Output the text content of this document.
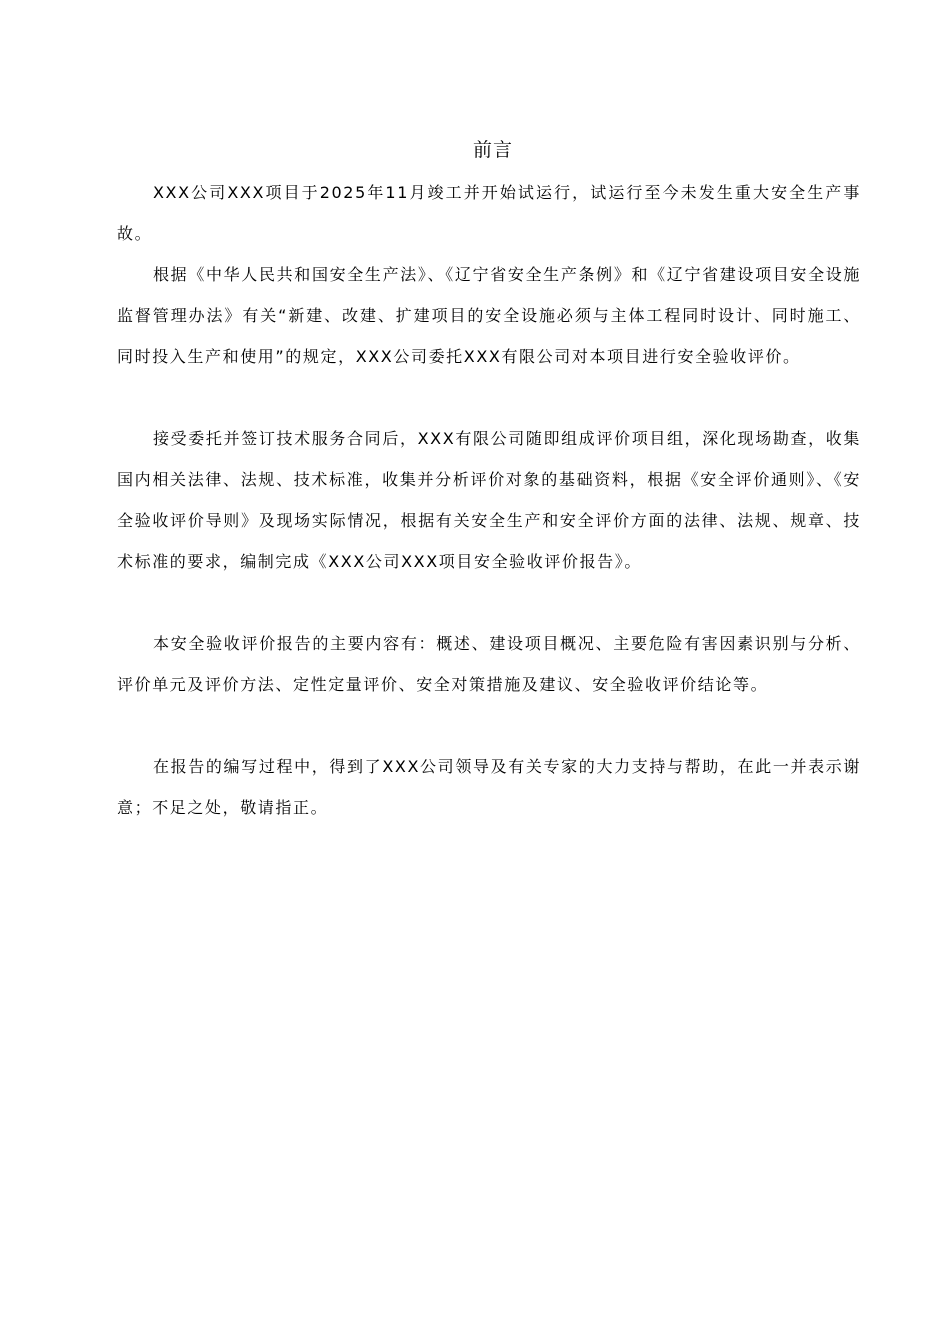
前言

XXX公司XXX项目于2025年11月竣工并开始试运行，试运行至今未发生重大安全生产事故。

根据《中华人民共和国安全生产法》、《辽宁省安全生产条例》和《辽宁省建设项目安全设施监督管理办法》有关“新建、改建、扩建项目的安全设施必须与主体工程同时设计、同时施工、同时投入生产和使用”的规定，XXX公司委托XXX有限公司对本项目进行安全验收评价。

接受委托并签订技术服务合同后，XXX有限公司随即组成评价项目组，深化现场勘查，收集国内相关法律、法规、技术标准，收集并分析评价对象的基础资料，根据《安全评价通则》、《安全验收评价导则》及现场实际情况，根据有关安全生产和安全评价方面的法律、法规、规章、技术标准的要求，编制完成《XXX公司XXX项目安全验收评价报告》。

本安全验收评价报告的主要内容有：概述、建设项目概况、主要危险有害因素识别与分析、评价单元及评价方法、定性定量评价、安全对策措施及建议、安全验收评价结论等。

在报告的编写过程中，得到了XXX公司领导及有关专家的大力支持与帮助，在此一并表示谢意；不足之处，敬请指正。
